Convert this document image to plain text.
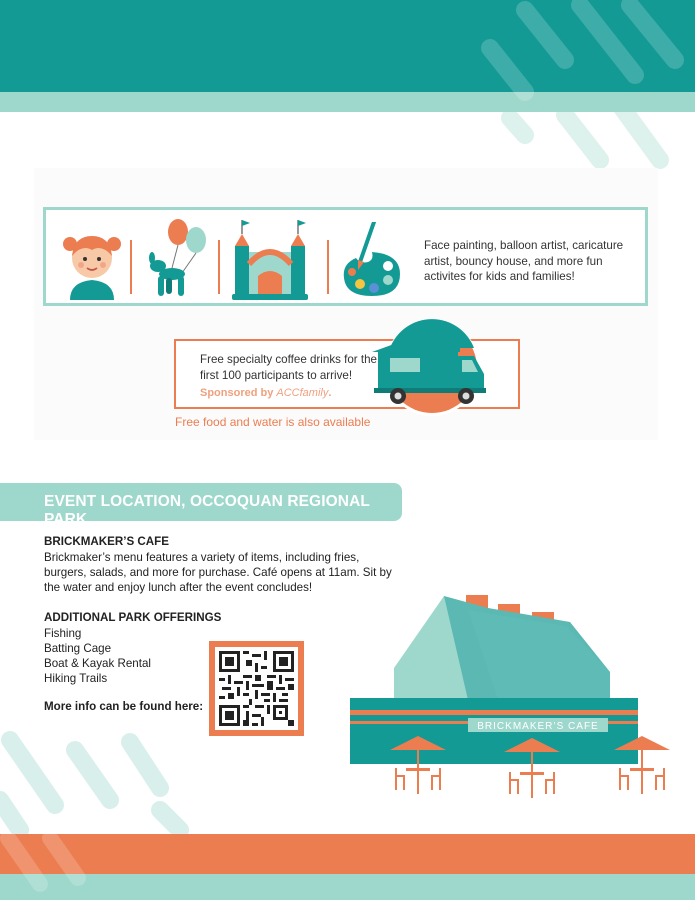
Face painting, balloon artist, caricature artist, bouncy house, and more fun activites for kids and families!
Free specialty coffee drinks for the first 100 participants to arrive!
Sponsored by ACCfamily.
Free food and water is also available
EVENT LOCATION, OCCOQUAN REGIONAL PARK
BRICKMAKER’S CAFE
Brickmaker’s menu features a variety of items, including fries, burgers, salads, and more for purchase. Café opens at 11am. Sit by the water and enjoy lunch after the event concludes!
ADDITIONAL PARK OFFERINGS
Fishing
Batting Cage
Boat & Kayak Rental
Hiking Trails
More info can be found here:
BRICKMAKER’S CAFE
